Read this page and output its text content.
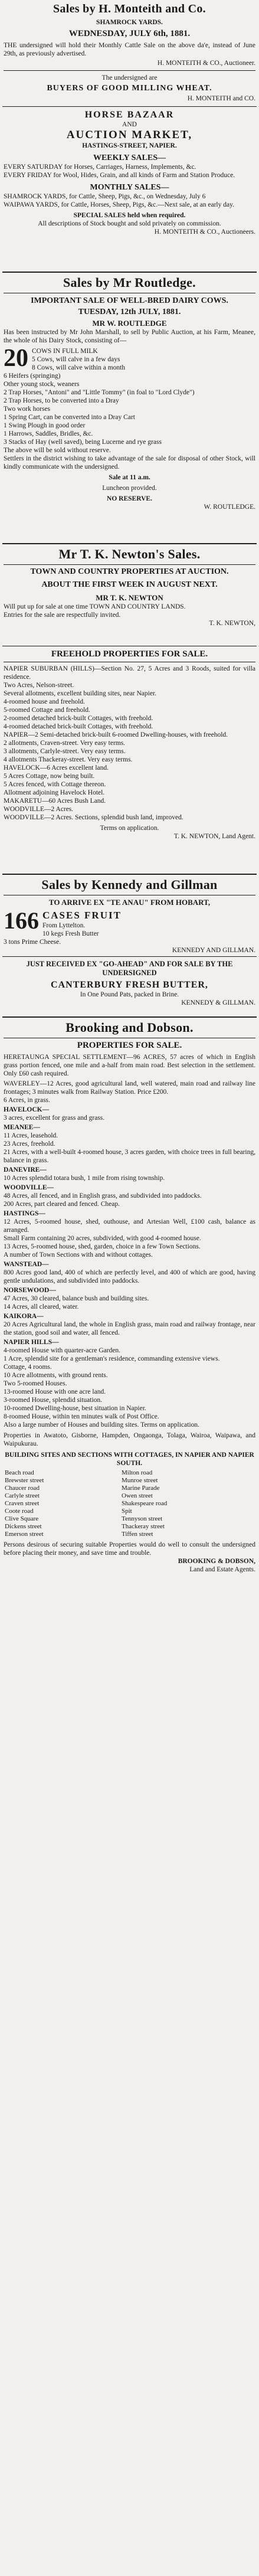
Sales by H. Monteith and Co.
SHAMROCK YARDS.
WEDNESDAY, JULY 6th, 1881.
THE undersigned will hold their Monthly Cattle Sale on the above da'e, instead of June 29th, as previously advertised.
H. MONTEITH & CO., Auctioneer.
The undersigned are
BUYERS OF GOOD MILLING WHEAT.
H. MONTEITH and CO.
HORSE BAZAAR
AND
AUCTION MARKET,
HASTINGS-STREET, NAPIER.
WEEKLY SALES—
EVERY SATURDAY for Horses, Carriages, Harness, Implements, &c.
EVERY FRIDAY for Wool, Hides, Grain, and all kinds of Farm and Station Produce.
MONTHLY SALES—
SHAMROCK YARDS, for Cattle, Sheep, Pigs, &c., on Wednesday, July 6
WAIPAWA YARDS, for Cattle, Horses, Sheep, Pigs, &c.—Next sale, at an early day.
SPECIAL SALES held when required.
All descriptions of Stock bought and sold privately on commission.
H. MONTEITH & CO., Auctioneers.
Sales by Mr Routledge.
IMPORTANT SALE OF WELL-BRED DAIRY COWS.
TUESDAY, 12th JULY, 1881.
MR W. ROUTLEDGE
Has been instructed by Mr John Marshall, to sell by Public Auction, at his Farm, Meanee, the whole of his Dairy Stock, consisting of—
20 COWS IN FULL MILK
5 Cows, will calve in a few days
8 Cows, will calve within a month
6 Heifers (springing)
Other young stock, weaners
2 Trap Horses, "Antoni" and "Little Tommy" (in foal to "Lord Clyde")
2 Trap Horses, to be converted into a Dray
Two work horses
1 Spring Cart, can be converted into a Dray Cart
1 Swing Plough in good order
1 Harrows, Saddles, Bridles, &c.
3 Stacks of Hay (well saved), being Lucerne and rye grass
The above will be sold without reserve.
Settlers in the district wishing to take advantage of the sale for disposal of other Stock, will kindly communicate with the undersigned.
Sale at 11 a.m.
Luncheon provided.
NO RESERVE.
W. ROUTLEDGE.
Mr T. K. Newton's Sales.
TOWN AND COUNTRY PROPERTIES AT AUCTION.
ABOUT THE FIRST WEEK IN AUGUST NEXT.
MR T. K. NEWTON
Will put up for sale at one time TOWN AND COUNTRY LANDS.
Entries for the sale are respectfully invited.
T. K. NEWTON,
FREEHOLD PROPERTIES FOR SALE.
NAPIER SUBURBAN (HILLS)—Section No. 27, 5 Acres and 3 Roods, suited for villa residence.
Two Acres, Nelson-street.
Several allotments, excellent building sites, near Napier.
4-roomed house and freehold.
5-roomed Cottage and freehold.
2-roomed detached brick-built Cottages, with freehold.
4-roomed detached brick-built Cottages, with freehold.
NAPIER—2 Semi-detached brick-built 6-roomed Dwelling-houses, with freehold.
2 allotments, Craven-street. Very easy terms.
3 allotments, Carlyle-street. Very easy terms.
4 allotments Thackeray-street. Very easy terms.
HAVELOCK—6 Acres excellent land.
5 Acres Cottage, now being built.
5 Acres fenced, with Cottage thereon.
Allotment adjoining Havelock Hotel.
MAKARETU—60 Acres Bush Land.
WOODVILLE—2 Acres.
WOODVILLE—2 Acres. Sections, splendid bush land, improved.
Terms on application.
T. K. NEWTON, Land Agent.
Sales by Kennedy and Gillman
TO ARRIVE EX "TE ANAU" FROM HOBART,
166 CASES FRUIT
From Lyttelton.
10 kegs Fresh Butter
3 tons Prime Cheese.
KENNEDY AND GILLMAN.
JUST RECEIVED EX "GO-AHEAD" AND FOR SALE BY THE UNDERSIGNED
CANTERBURY FRESH BUTTER,
In One Pound Pats, packed in Brine.
KENNEDY & GILLMAN.
Brooking and Dobson.
PROPERTIES FOR SALE.
HERETAUNGA SPECIAL SETTLEMENT—96 ACRES, 57 acres of which in English grass portion fenced, one mile and a-half from main road. Best selection in the settlement. Only £60 cash required.
WAVERLEY—12 Acres, good agricultural land, well watered, main road and railway line frontages; 3 minutes walk from Railway Station. Price £200.
6 Acres, in grass.
HAVELOCK—
3 acres, excellent for grass and grass.
MEANEE—
11 Acres, leasehold.
23 Acres, freehold.
21 Acres, with a well-built 4-roomed house, 3 acres garden, with choice trees in full bearing, balance in grass.
DANEVIRE—
10 Acres splendid totara bush, 1 mile from rising township.
WOODVILLE—
48 Acres, all fenced, and in English grass, and subdivided into paddocks.
200 Acres, part cleared and fenced. Cheap.
HASTINGS—
12 Acres, 5-roomed house, shed, outhouse, and Artesian Well, £100 cash, balance as arranged.
Small Farm containing 20 acres, subdivided, with good 4-roomed house.
13 Acres, 5-roomed house, shed, garden, choice in a few Town Sections.
A number of Town Sections with and without cottages.
WANSTEAD—
800 Acres good land, 400 of which are perfectly level, and 400 of which are good, having gentle undulations, and subdivided into paddocks.
NORSEWOOD—
47 Acres, 30 cleared, balance bush and building sites.
14 Acres, all cleared, water.
KAIKORA—
20 Acres Agricultural land, the whole in English grass, main road and railway frontage, near the station, good soil and water, all fenced.
NAPIER HILLS—
4-roomed House with quarter-acre Garden.
1 Acre, splendid site for a gentleman's residence, commanding extensive views.
Cottage, 4 rooms.
10 Acre allotments, with ground rents.
Two 5-roomed Houses.
13-roomed House with one acre land.
3-roomed House, splendid situation.
10-roomed Dwelling-house, best situation in Napier.
8-roomed House, within ten minutes walk of Post Office.
Also a large number of Houses and building sites. Terms on application.
Properties in Awatoto, Gisborne, Hampden, Ongaonga, Tolaga, Wairoa, Waipawa, and Waipukurau.
BUILDING SITES AND SECTIONS WITH COTTAGES, IN NAPIER AND NAPIER SOUTH.
Beach road	Milton road
Brewster street	Munroe street
Chaucer road	Marine Parade
Carlyle street	Owen street
Craven street	Shakespeare road
Coote road	Spit
Clive Square	Tennyson street
Dickens street	Thackeray street
Emerson street	Tiffen street
Persons desirous of securing suitable Properties would do well to consult the undersigned before placing their money, and save time and trouble.
BROOKING & DOBSON,
Land and Estate Agents.
